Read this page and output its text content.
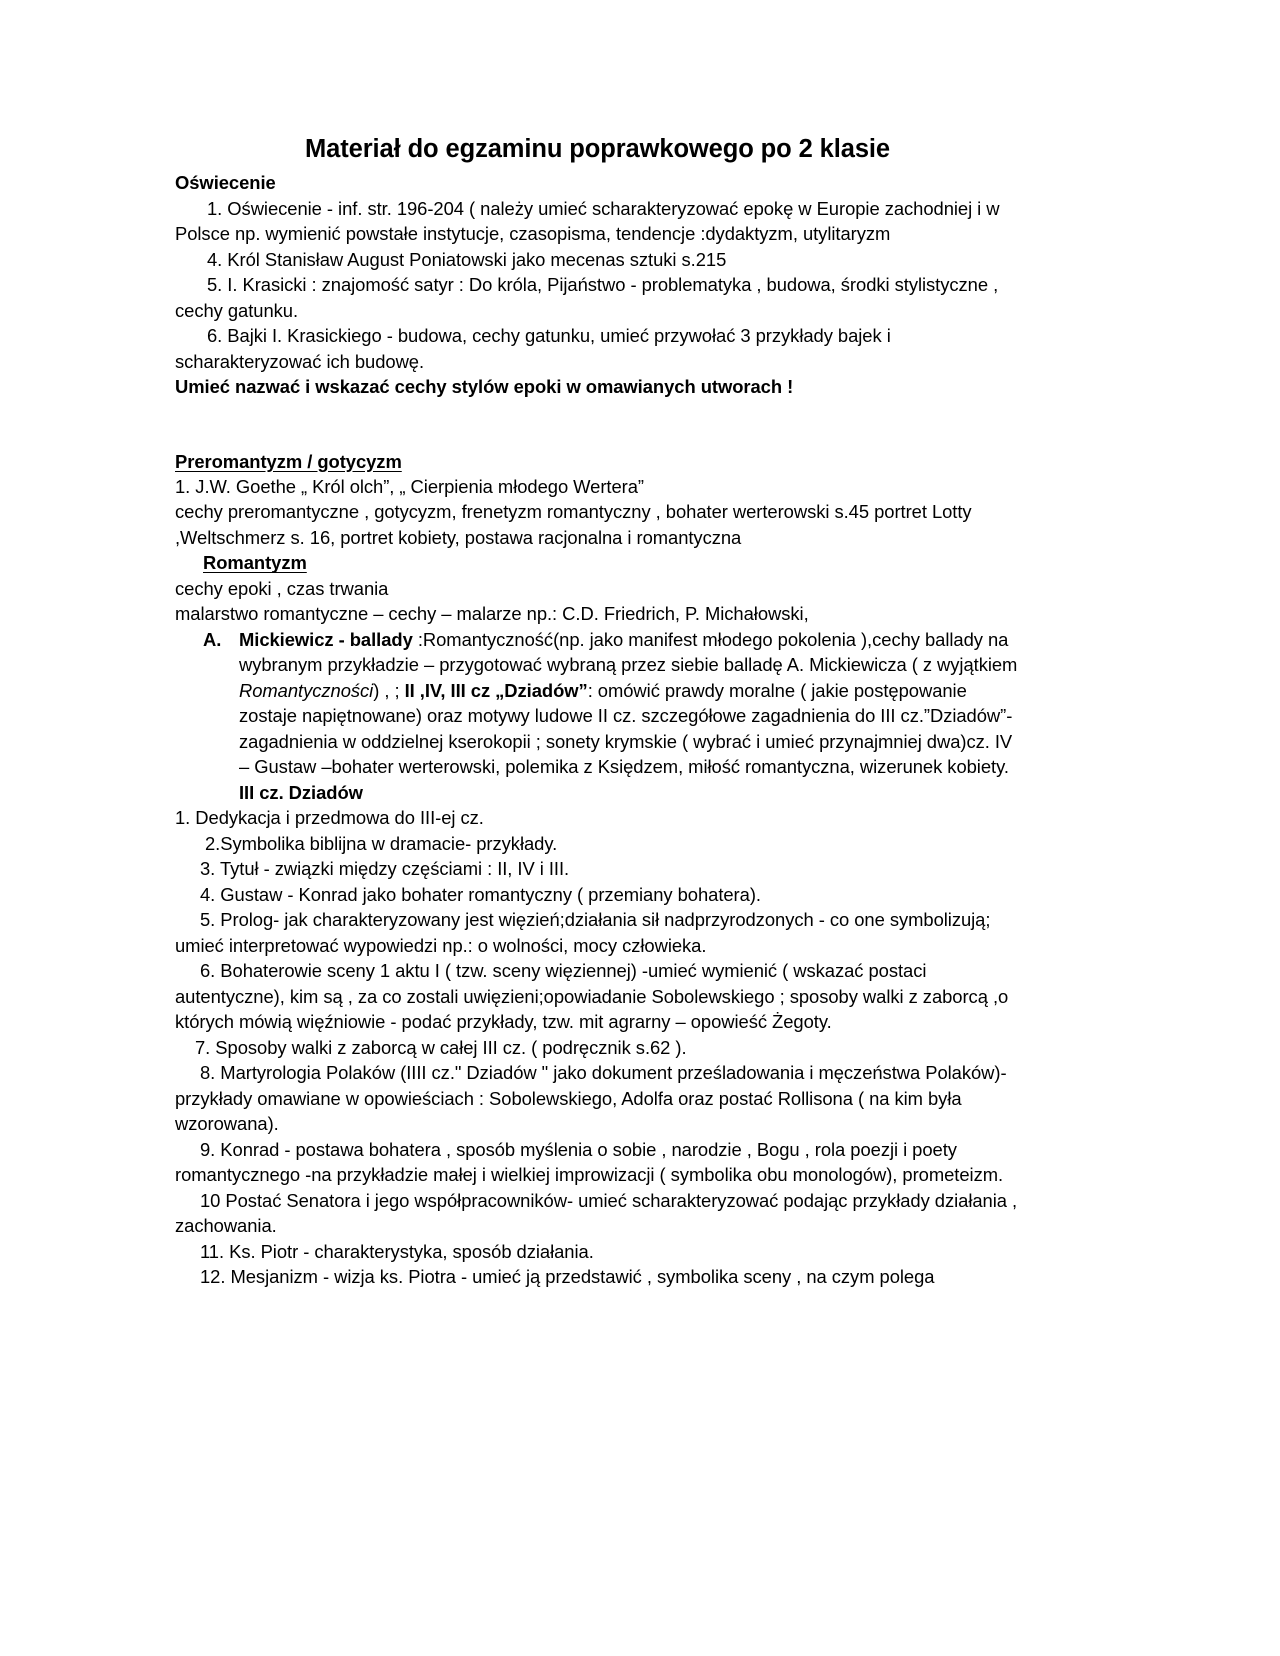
Materiał do egzaminu poprawkowego po 2 klasie

Oświecenie

1. Oświecenie - inf. str. 196-204 ( należy umieć scharakteryzować epokę w Europie zachodniej i w Polsce np. wymienić powstałe instytucje, czasopisma, tendencje :dydaktyzm, utylitaryzm

4. Król Stanisław August Poniatowski jako mecenas sztuki s.215

5. I. Krasicki : znajomość satyr : Do króla, Pijaństwo - problematyka , budowa, środki stylistyczne , cechy gatunku.

6. Bajki I. Krasickiego - budowa, cechy gatunku, umieć przywołać 3 przykłady bajek i scharakteryzować ich budowę.

Umieć nazwać i wskazać cechy stylów epoki w omawianych utworach !

Preromantyzm / gotycyzm

1. J.W. Goethe „ Król olch”, „ Cierpienia młodego Wertera”

cechy preromantyczne , gotycyzm, frenetyzm romantyczny , bohater werterowski s.45 portret Lotty ,Weltschmerz s. 16, portret kobiety, postawa racjonalna i romantyczna

Romantyzm

cechy epoki , czas trwania

malarstwo romantyczne – cechy – malarze np.: C.D. Friedrich, P. Michałowski,

A. Mickiewicz - ballady :Romantyczność(np. jako manifest młodego pokolenia ),cechy ballady na wybranym przykładzie – przygotować wybraną przez siebie balladę A. Mickiewicza ( z wyjątkiem Romantyczności) , ; II ,IV, III cz „Dziadów”: omówić prawdy moralne ( jakie postępowanie zostaje napiętnowane) oraz motywy ludowe II cz. szczegółowe zagadnienia do III cz.”Dziadów”- zagadnienia w oddzielnej kserokopii ; sonety krymskie ( wybrać i umieć przynajmniej dwa)cz. IV – Gustaw –bohater werterowski, polemika z Księdzem, miłość romantyczna, wizerunek kobiety.

III cz. Dziadów

1. Dedykacja i przedmowa do III-ej cz.

2.Symbolika biblijna w dramacie- przykłady.

3. Tytuł - związki między częściami : II, IV i III.

4. Gustaw - Konrad jako bohater romantyczny ( przemiany bohatera).

5. Prolog- jak charakteryzowany jest więzień;działania sił nadprzyrodzonych - co one symbolizują; umieć interpretować wypowiedzi np.: o wolności, mocy człowieka.

6. Bohaterowie sceny 1 aktu I ( tzw. sceny więziennej) -umieć wymienić ( wskazać postaci autentyczne), kim są , za co zostali uwięzieni;opowiadanie Sobolewskiego ; sposoby walki z zaborcą ,o których mówią więźniowie - podać przykłady, tzw. mit agrarny – opowieść Żegoty.

7. Sposoby walki z zaborcą w całej III cz. ( podręcznik s.62 ).

8. Martyrologia Polaków (IIII cz." Dziadów " jako dokument prześladowania i męczeństwa Polaków)- przykłady omawiane w opowieściach : Sobolewskiego, Adolfa oraz postać Rollisona ( na kim była wzorowana).

9. Konrad - postawa bohatera , sposób myślenia o sobie , narodzie , Bogu , rola poezji i poety romantycznego -na przykładzie małej i wielkiej improwizacji ( symbolika obu monologów), prometeizm.

10 Postać Senatora i jego współpracowników- umieć scharakteryzować podając przykłady działania , zachowania.

11. Ks. Piotr - charakterystyka, sposób działania.

12. Mesjanizm - wizja ks. Piotra - umieć ją przedstawić , symbolika sceny , na czym polega
